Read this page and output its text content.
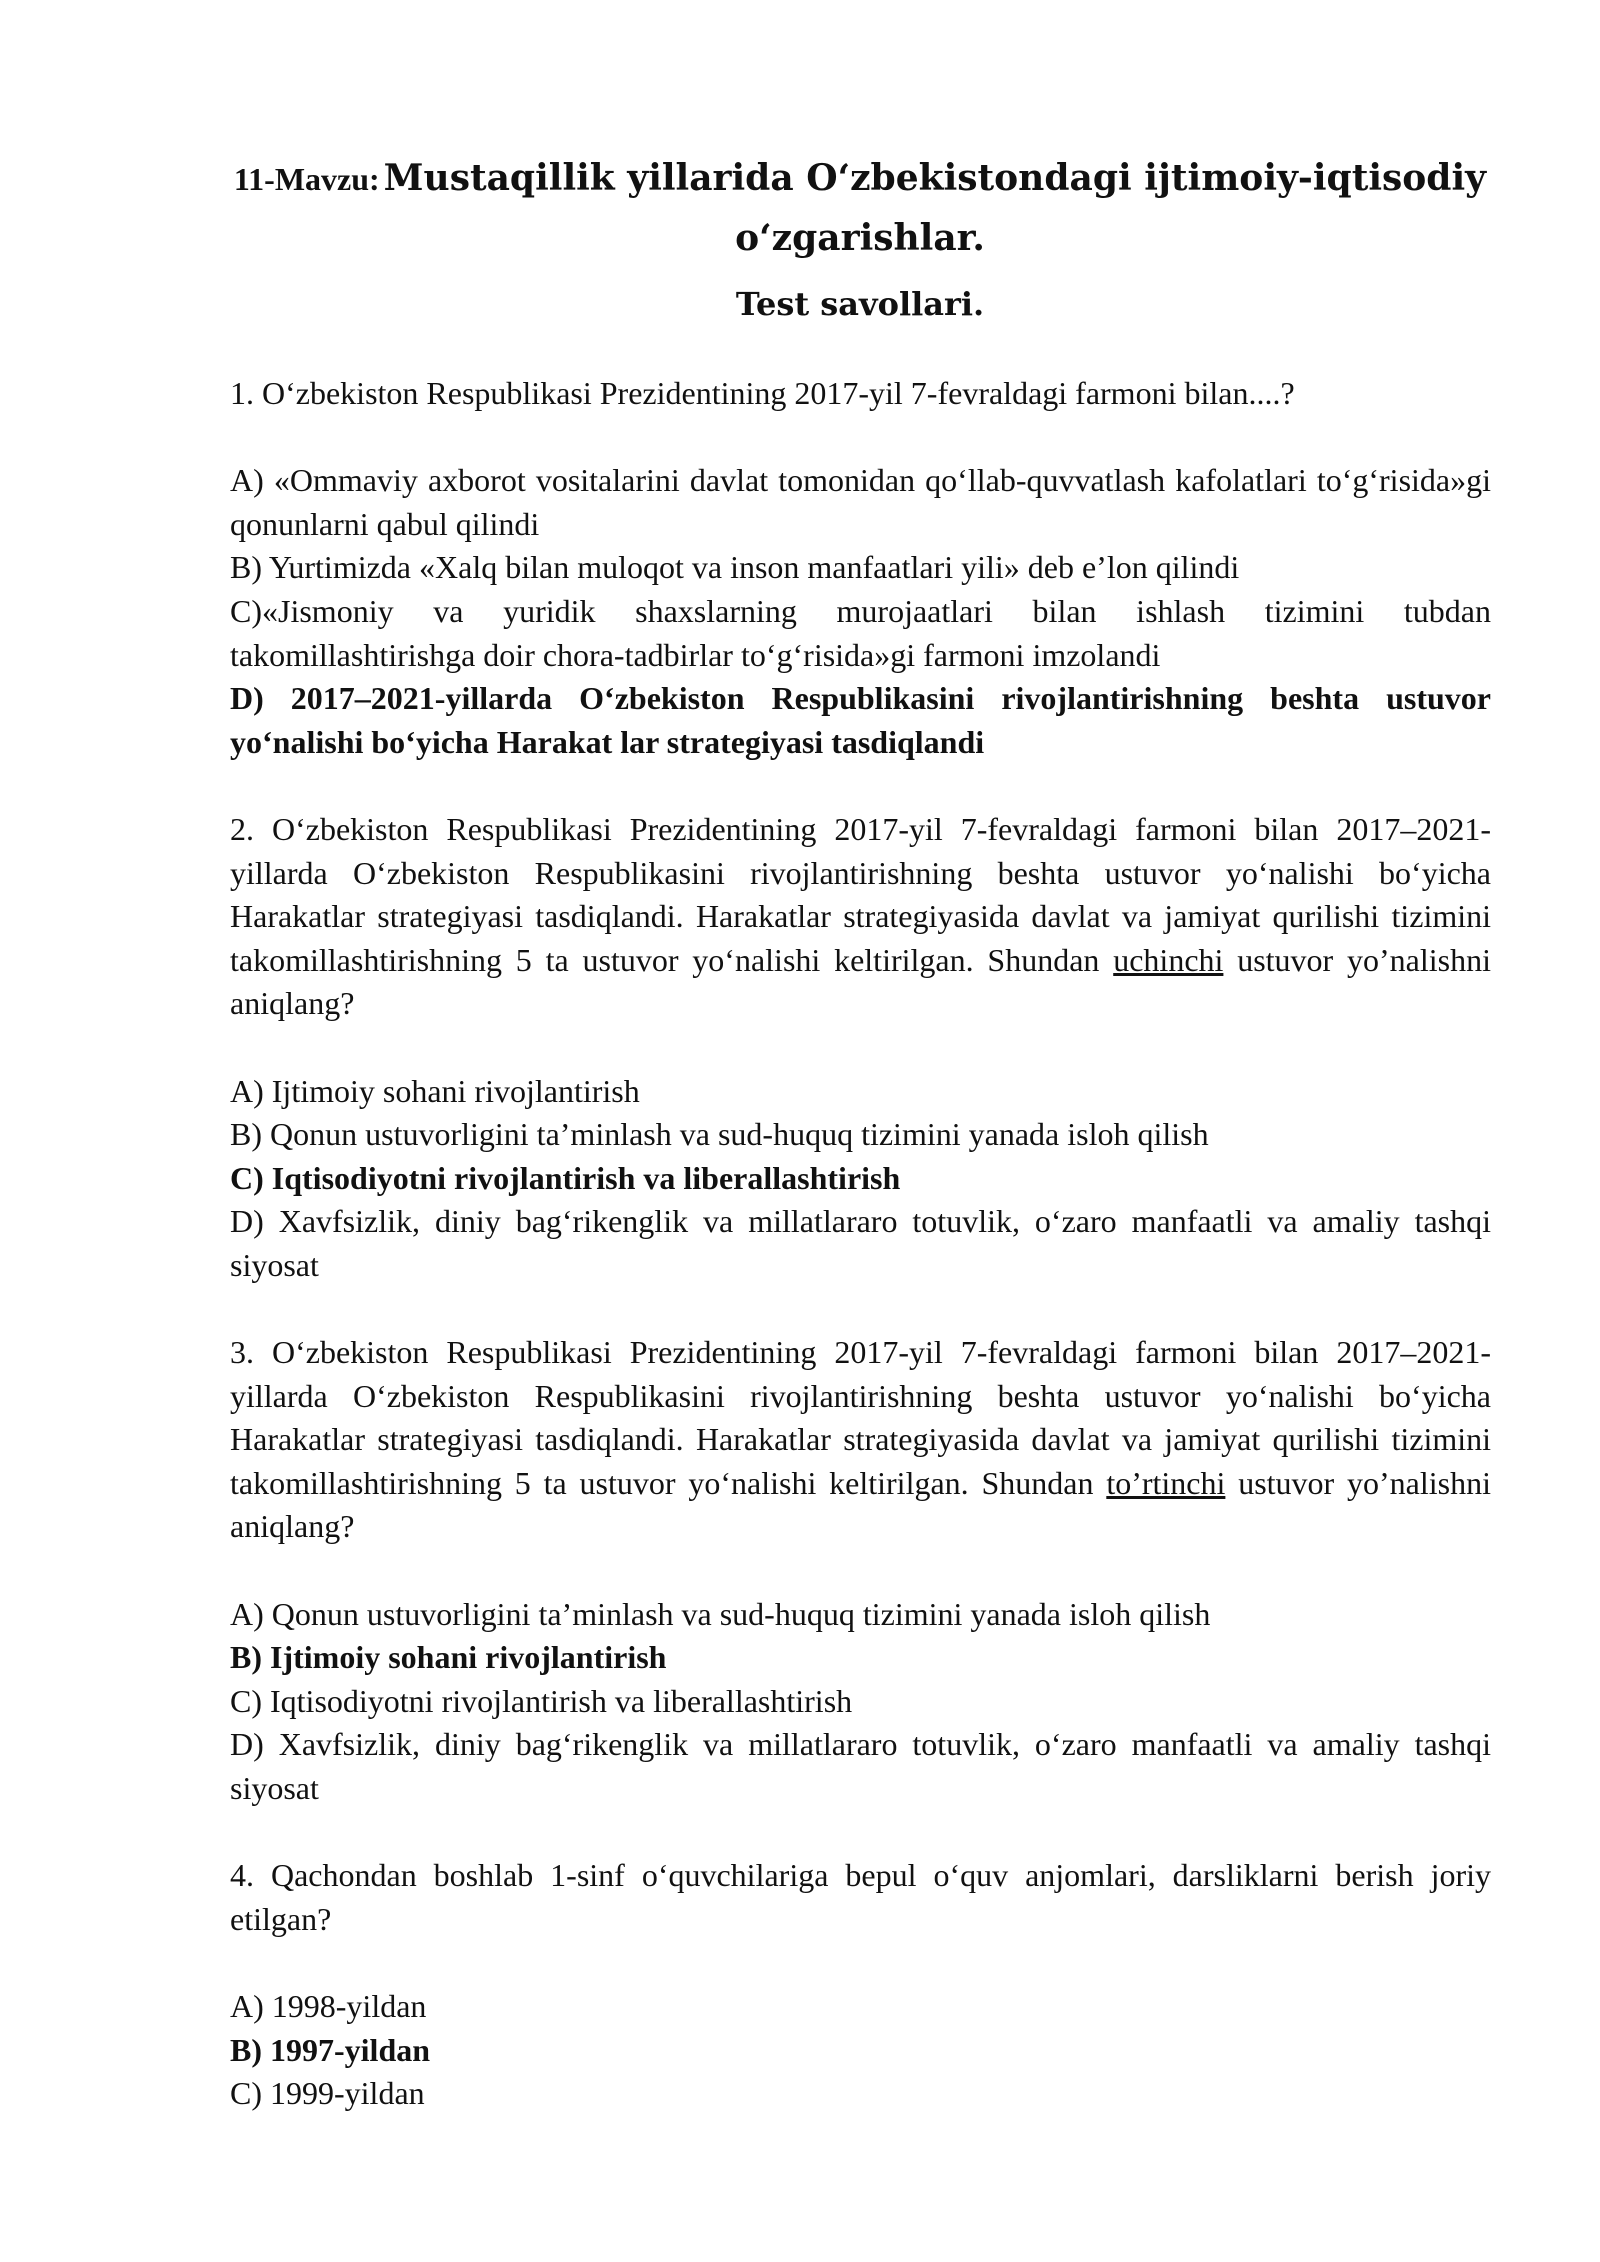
11-Mavzu: Mustaqillik yillarida O‘zbekistondagi ijtimoiy-iqtisodiy o‘zgarishlar.
Test savollari.

1. O‘zbekiston Respublikasi Prezidentining 2017-yil 7-fevraldagi farmoni bilan....?

A) «Ommaviy axborot vositalarini davlat tomonidan qo‘llab-quvvatlash kafolatlari to‘g‘risida»gi qonunlarni qabul qilindi

B) Yurtimizda «Xalq bilan muloqot va inson manfaatlari yili» deb e’lon qilindi

C)«Jismoniy va yuridik shaxslarning murojaatlari bilan ishlash tizimini tubdan takomillashtirishga doir chora-tadbirlar to‘g‘risida»gi farmoni imzolandi

D) 2017–2021-yillarda O‘zbekiston Respublikasini rivojlantirishning beshta ustuvor yo‘nalishi bo‘yicha Harakat lar strategiyasi tasdiqlandi

2. O‘zbekiston Respublikasi Prezidentining 2017-yil 7-fevraldagi farmoni bilan 2017–2021-yillarda O‘zbekiston Respublikasini rivojlantirishning beshta ustuvor yo‘nalishi bo‘yicha Harakatlar strategiyasi tasdiqlandi. Harakatlar strategiyasida davlat va jamiyat qurilishi tizimini takomillashtirishning 5 ta ustuvor yo‘nalishi keltirilgan. Shundan uchinchi ustuvor yo’nalishni aniqlang?

A) Ijtimoiy sohani rivojlantirish

B) Qonun ustuvorligini ta’minlash va sud-huquq tizimini yanada isloh qilish

C) Iqtisodiyotni rivojlantirish va liberallashtirish

D) Xavfsizlik, diniy bag‘rikenglik va millatlararo totuvlik, o‘zaro manfaatli va amaliy tashqi siyosat

3. O‘zbekiston Respublikasi Prezidentining 2017-yil 7-fevraldagi farmoni bilan 2017–2021-yillarda O‘zbekiston Respublikasini rivojlantirishning beshta ustuvor yo‘nalishi bo‘yicha Harakatlar strategiyasi tasdiqlandi. Harakatlar strategiyasida davlat va jamiyat qurilishi tizimini takomillashtirishning 5 ta ustuvor yo‘nalishi keltirilgan. Shundan to’rtinchi ustuvor yo’nalishni aniqlang?

A) Qonun ustuvorligini ta’minlash va sud-huquq tizimini yanada isloh qilish

B) Ijtimoiy sohani rivojlantirish

C) Iqtisodiyotni rivojlantirish va liberallashtirish

D) Xavfsizlik, diniy bag‘rikenglik va millatlararo totuvlik, o‘zaro manfaatli va amaliy tashqi siyosat

4. Qachondan boshlab 1-sinf o‘quvchilariga bepul o‘quv anjomlari, darsliklarni berish joriy etilgan?

A) 1998-yildan

B) 1997-yildan

C) 1999-yildan
